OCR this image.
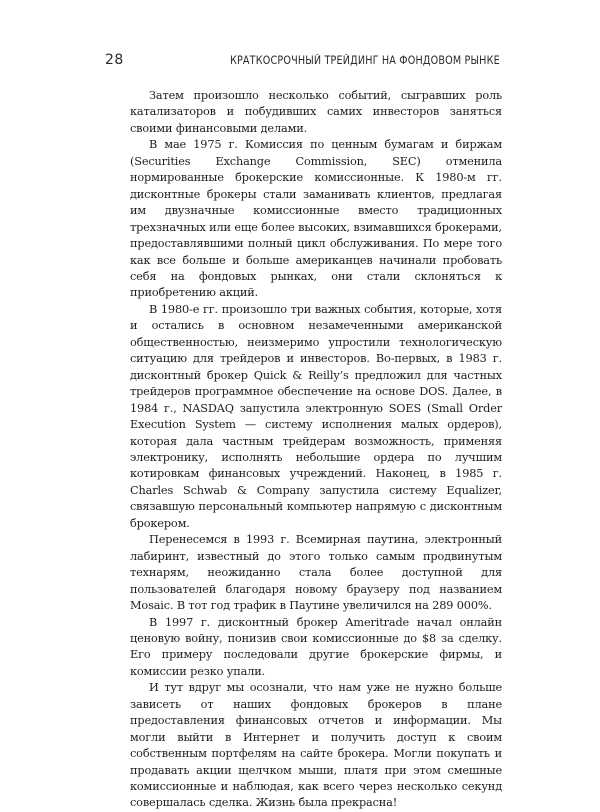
28	КРАТКОСРОЧНЫЙ ТРЕЙДИНГ НА ФОНДОВОМ РЫНКЕ

Затем произошло несколько событий, сыгравших роль катализаторов и побудивших самих инвесторов заняться своими финансовыми делами.

В мае 1975 г. Комиссия по ценным бумагам и биржам (Securities Exchange Commission, SEC) отменила нормированные брокерские комиссионные. К 1980-м гг. дисконтные брокеры стали заманивать клиентов, предлагая им двузначные комиссионные вместо традиционных трехзначных или еще более высоких, взимавшихся брокерами, предоставлявшими полный цикл обслуживания. По мере того как все больше и больше американцев начинали пробовать себя на фондовых рынках, они стали склоняться к приобретению акций.

В 1980-е гг. произошло три важных события, которые, хотя и остались в основном незамеченными американской общественностью, неизмеримо упростили технологическую ситуацию для трейдеров и инвесторов. Во-первых, в 1983 г. дисконтный брокер Quick & Reilly’s предложил для частных трейдеров программное обеспечение на основе DOS. Далее, в 1984 г., NASDAQ запустила электронную SOES (Small Order Execution System — систему исполнения малых ордеров), которая дала частным трейдерам возможность, применяя электронику, исполнять небольшие ордера по лучшим котировкам финансовых учреждений. Наконец, в 1985 г. Charles Schwab & Company запустила систему Equalizer, связавшую персональный компьютер напрямую с дисконтным брокером.

Перенесемся в 1993 г. Всемирная паутина, электронный лабиринт, известный до этого только самым продвинутым технарям, неожиданно стала более доступной для пользователей благодаря новому браузеру под названием Mosaic. В тот год трафик в Паутине увеличился на 289 000%.

В 1997 г. дисконтный брокер Ameritrade начал онлайн ценовую войну, понизив свои комиссионные до $8 за сделку. Его примеру последовали другие брокерские фирмы, и комиссии резко упали.

И тут вдруг мы осознали, что нам уже не нужно больше зависеть от наших фондовых брокеров в плане предоставления финансовых отчетов и информации. Мы могли выйти в Интернет и получить доступ к своим собственным портфелям на сайте брокера. Могли покупать и продавать акции щелчком мыши, платя при этом смешные комиссионные и наблюдая, как всего через несколько секунд совершалась сделка. Жизнь была прекрасна!
